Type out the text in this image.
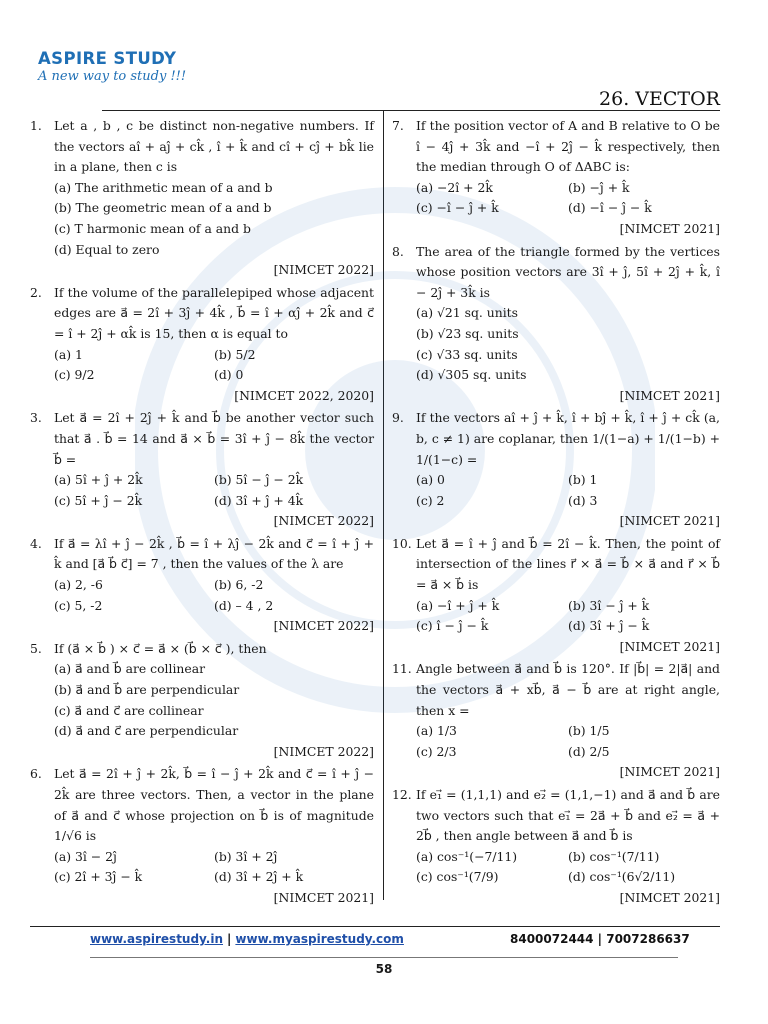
ASPIRE STUDY
A new way to study !!!
26. VECTOR
1. Let a , b , c be distinct non-negative numbers. If the vectors aî + aĵ + ck̂ , î + k̂ and cî + cĵ + bk̂ lie in a plane, then c is
(a) The arithmetic mean of a and b
(b) The geometric mean of a and b
(c) T harmonic mean of a and b
(d) Equal to zero
[NIMCET 2022]
2. If the volume of the parallelepiped whose adjacent edges are a⃗ = 2î + 3ĵ + 4k̂ , b⃗ = î + αĵ + 2k̂ and c⃗ = î + 2ĵ + αk̂ is 15, then α is equal to
(a) 1	(b) 5/2
(c) 9/2	(d) 0
[NIMCET 2022, 2020]
3. Let a⃗ = 2î + 2ĵ + k̂ and b⃗ be another vector such that a⃗ . b⃗ = 14 and a⃗ × b⃗ = 3î + ĵ − 8k̂ the vector b⃗ =
(a) 5î + ĵ + 2k̂	(b) 5î − ĵ − 2k̂
(c) 5î + ĵ − 2k̂	(d) 3î + ĵ + 4k̂
[NIMCET 2022]
4. If a⃗ = λî + ĵ − 2k̂ , b⃗ = î + λĵ − 2k̂ and c⃗ = î + ĵ + k̂ and [a⃗ b⃗ c⃗] = 7 , then the values of the λ are
(a) 2, -6	(b) 6, -2
(c) 5, -2	(d) – 4 , 2
[NIMCET 2022]
5. If (a⃗ × b⃗ ) × c⃗ = a⃗ × (b⃗ × c⃗ ), then
(a) a⃗ and b⃗ are collinear
(b) a⃗ and b⃗ are perpendicular
(c) a⃗ and c⃗ are collinear
(d) a⃗ and c⃗ are perpendicular
[NIMCET 2022]
6. Let a⃗ = 2î + ĵ + 2k̂, b⃗ = î − ĵ + 2k̂ and c⃗ = î + ĵ − 2k̂ are three vectors. Then, a vector in the plane of a⃗ and c⃗ whose projection on b⃗ is of magnitude 1/√6 is
(a) 3î − 2ĵ	(b) 3î + 2ĵ
(c) 2î + 3ĵ − k̂	(d) 3î + 2ĵ + k̂
[NIMCET 2021]
7. If the position vector of A and B relative to O be î − 4ĵ + 3k̂ and −î + 2ĵ − k̂ respectively, then the median through O of ΔABC is:
(a) −2î + 2k̂	(b) −ĵ + k̂
(c) −î − ĵ + k̂	(d) −î − ĵ − k̂
[NIMCET 2021]
8. The area of the triangle formed by the vertices whose position vectors are 3î + ĵ, 5î + 2ĵ + k̂, î − 2ĵ + 3k̂ is
(a) √21 sq. units
(b) √23 sq. units
(c) √33 sq. units
(d) √305 sq. units
[NIMCET 2021]
9. If the vectors aî + ĵ + k̂, î + bĵ + k̂, î + ĵ + ck̂ (a, b, c ≠ 1) are coplanar, then 1/(1−a) + 1/(1−b) + 1/(1−c) =
(a) 0	(b) 1
(c) 2	(d) 3
[NIMCET 2021]
10. Let a⃗ = î + ĵ and b⃗ = 2î − k̂. Then, the point of intersection of the lines r⃗ × a⃗ = b⃗ × a⃗ and r⃗ × b⃗ = a⃗ × b⃗ is
(a) −î + ĵ + k̂	(b) 3î − ĵ + k̂
(c) î − ĵ − k̂	(d) 3î + ĵ − k̂
[NIMCET 2021]
11. Angle between a⃗ and b⃗ is 120°. If |b⃗| = 2|a⃗| and the vectors a⃗ + xb⃗, a⃗ − b⃗ are at right angle, then x =
(a) 1/3	(b) 1/5
(c) 2/3	(d) 2/5
[NIMCET 2021]
12. If e₁⃗ = (1,1,1) and e₂⃗ = (1,1,−1) and a⃗ and b⃗ are two vectors such that e₁⃗ = 2a⃗ + b⃗ and e₂⃗ = a⃗ + 2b⃗ , then angle between a⃗ and b⃗ is
(a) cos⁻¹(−7/11)	(b) cos⁻¹(7/11)
(c) cos⁻¹(7/9)	(d) cos⁻¹(6√2/11)
[NIMCET 2021]
www.aspirestudy.in | www.myaspirestudy.com	8400072444 | 7007286637
58
